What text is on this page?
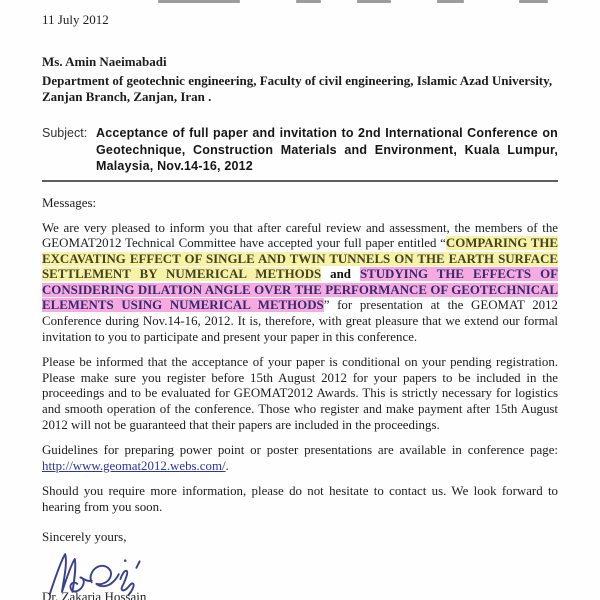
11 July 2012
Ms. Amin Naeimabadi
Department of geotechnic engineering, Faculty of civil engineering, Islamic Azad University,
Zanjan Branch, Zanjan, Iran .
Subject: Acceptance of full paper and invitation to 2nd International Conference on Geotechnique, Construction Materials and Environment, Kuala Lumpur, Malaysia, Nov.14-16, 2012
Messages:

We are very pleased to inform you that after careful review and assessment, the members of the GEOMAT2012 Technical Committee have accepted your full paper entitled “COMPARING THE EXCAVATING EFFECT OF SINGLE AND TWIN TUNNELS ON THE EARTH SURFACE SETTLEMENT BY NUMERICAL METHODS and STUDYING THE EFFECTS OF CONSIDERING DILATION ANGLE OVER THE PERFORMANCE OF GEOTECHNICAL ELEMENTS USING NUMERICAL METHODS” for presentation at the GEOMAT 2012 Conference during Nov.14-16, 2012. It is, therefore, with great pleasure that we extend our formal invitation to you to participate and present your paper in this conference.

Please be informed that the acceptance of your paper is conditional on your pending registration. Please make sure you register before 15th August 2012 for your papers to be included in the proceedings and to be evaluated for GEOMAT2012 Awards. This is strictly necessary for logistics and smooth operation of the conference. Those who register and make payment after 15th August 2012 will not be guaranteed that their papers are included in the proceedings.

Guidelines for preparing power point or poster presentations are available in conference page: http://www.geomat2012.webs.com/.

Should you require more information, please do not hesitate to contact us. We look forward to hearing from you soon.

Sincerely yours,
Dr. Zakaria Hossain
